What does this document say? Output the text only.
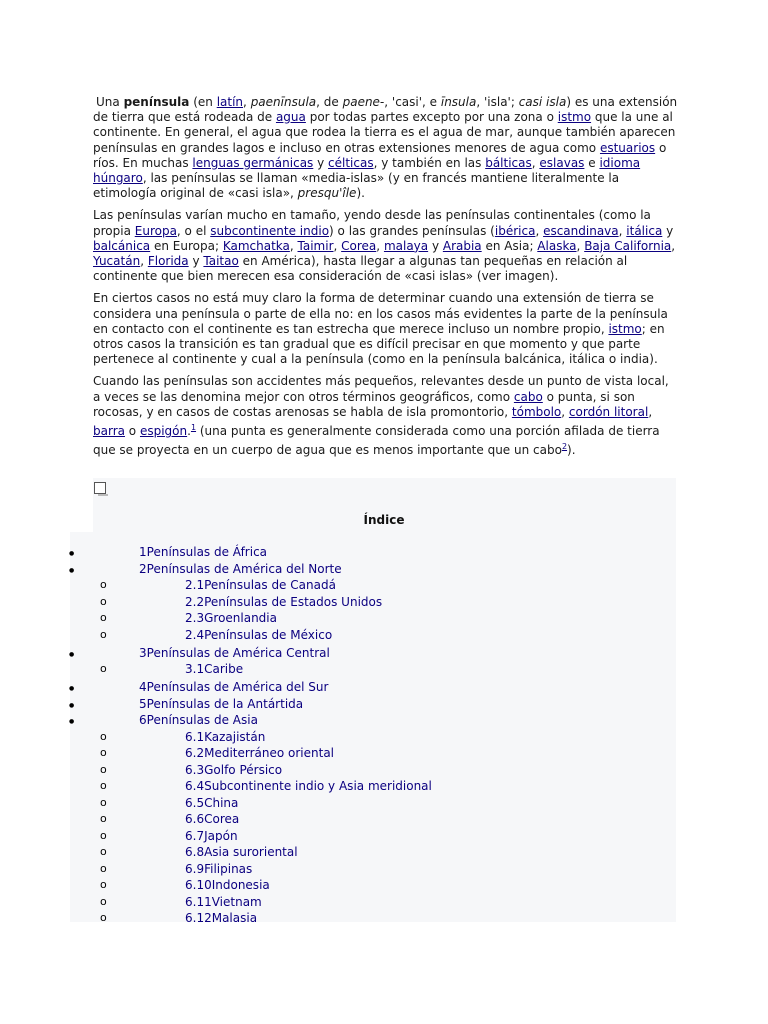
Una península (en latín, paenīnsula, de paene-, 'casi', e īnsula, 'isla'; casi isla) es una extensión de tierra que está rodeada de agua por todas partes excepto por una zona o istmo que la une al continente. En general, el agua que rodea la tierra es el agua de mar, aunque también aparecen penínsulas en grandes lagos e incluso en otras extensiones menores de agua como estuarios o ríos. En muchas lenguas germánicas y célticas, y también en las bálticas, eslavas e idioma húngaro, las penínsulas se llaman «media-islas» (y en francés mantiene literalmente la etimología original de «casi isla», presqu'île).

Las penínsulas varían mucho en tamaño, yendo desde las penínsulas continentales (como la propia Europa, o el subcontinente indio) o las grandes penínsulas (ibérica, escandinava, itálica y balcánica en Europa; Kamchatka, Taimir, Corea, malaya y Arabia en Asia; Alaska, Baja California, Yucatán, Florida y Taitao en América), hasta llegar a algunas tan pequeñas en relación al continente que bien merecen esa consideración de «casi islas» (ver imagen).

En ciertos casos no está muy claro la forma de determinar cuando una extensión de tierra se considera una península o parte de ella no: en los casos más evidentes la parte de la península en contacto con el continente es tan estrecha que merece incluso un nombre propio, istmo; en otros casos la transición es tan gradual que es difícil precisar en que momento y que parte pertenece al continente y cual a la península (como en la península balcánica, itálica o india).

Cuando las penínsulas son accidentes más pequeños, relevantes desde un punto de vista local, a veces se las denomina mejor con otros términos geográficos, como cabo o punta, si son rocosas, y en casos de costas arenosas se habla de isla promontorio, tómbolo, cordón litoral, barra o espigón.$^1$ (una punta es generalmente considerada como una porción afilada de tierra que se proyecta en un cuerpo de agua que es menos importante que un cabo$^2$).

Índice
●	1Penínsulas de África
●	2Penínsulas de América del Norte
o	2.1Penínsulas de Canadá
o	2.2Penínsulas de Estados Unidos
o	2.3Groenlandia
o	2.4Penínsulas de México
●	3Penínsulas de América Central
o	3.1Caribe
●	4Penínsulas de América del Sur
●	5Penínsulas de la Antártida
●	6Penínsulas de Asia
o	6.1Kazajistán
o	6.2Mediterráneo oriental
o	6.3Golfo Pérsico
o	6.4Subcontinente indio y Asia meridional
o	6.5China
o	6.6Corea
o	6.7Japón
o	6.8Asia suroriental
o	6.9Filipinas
o	6.10Indonesia
o	6.11Vietnam
o	6.12Malasia
